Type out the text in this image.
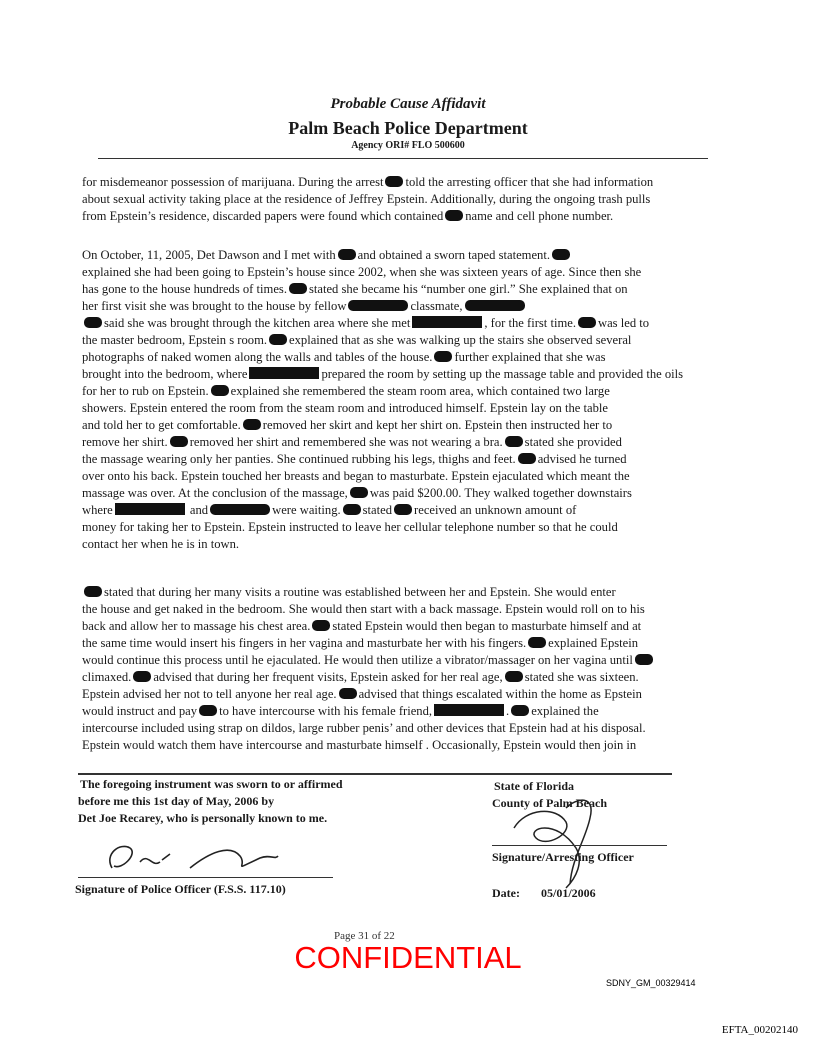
Probable Cause Affidavit
Palm Beach Police Department
Agency ORI# FLO 500600
for misdemeanor possession of marijuana. During the arrest told the arresting officer that she had information
about sexual activity taking place at the residence of Jeffrey Epstein. Additionally, during the ongoing trash pulls
from Epstein’s residence, discarded papers were found which contained name and cell phone number.
On October, 11, 2005, Det Dawson and I met with and obtained a sworn taped statement.
explained she had been going to Epstein’s house since 2002, when she was sixteen years of age. Since then she
has gone to the house hundreds of times. stated she became his “number one girl.” She explained that on
her first visit she was brought to the house by fellow	classmate,
said she was brought through the kitchen area where she met	, for the first time. was led to
the master bedroom, Epstein s room. explained that as she was walking up the stairs she observed several
photographs of naked women along the walls and tables of the house. further explained that she was
brought into the bedroom, where	prepared the room by setting up the massage table and provided the oils
for her to rub on Epstein. explained she remembered the steam room area, which contained two large
showers. Epstein entered the room from the steam room and introduced himself. Epstein lay on the table
and told her to get comfortable. removed her skirt and kept her shirt on. Epstein then instructed her to
remove her shirt. removed her shirt and remembered she was not wearing a bra. stated she provided
the massage wearing only her panties. She continued rubbing his legs, thighs and feet. advised he turned
over onto his back. Epstein touched her breasts and began to masturbate. Epstein ejaculated which meant the
massage was over. At the conclusion of the massage, was paid $200.00. They walked together downstairs
where	and	were waiting. stated received an unknown amount of
money for taking her to Epstein. Epstein instructed to leave her cellular telephone number so that he could
contact her when he is in town.
stated that during her many visits a routine was established between her and Epstein. She would enter
the house and get naked in the bedroom. She would then start with a back massage. Epstein would roll on to his
back and allow her to massage his chest area. stated Epstein would then began to masturbate himself and at
the same time would insert his fingers in her vagina and masturbate her with his fingers. explained Epstein
would continue this process until he ejaculated. He would then utilize a vibrator/massager on her vagina until
climaxed. advised that during her frequent visits, Epstein asked for her real age, stated she was sixteen.
Epstein advised her not to tell anyone her real age. advised that things escalated within the home as Epstein
would instruct and pay to have intercourse with his female friend,	. explained the
intercourse included using strap on dildos, large rubber penis’ and other devices that Epstein had at his disposal.
Epstein would watch them have intercourse and masturbate himself . Occasionally, Epstein would then join in
The foregoing instrument was sworn to or affirmed
before me this 1st day of May, 2006 by
Det Joe Recarey, who is personally known to me.
Signature of Police Officer (F.S.S. 117.10)
State of Florida
County of Palm Beach
Signature/Arresting Officer
Date: 05/01/2006
Page 31 of 22
CONFIDENTIAL
SDNY_GM_00329414
EFTA_00202140
